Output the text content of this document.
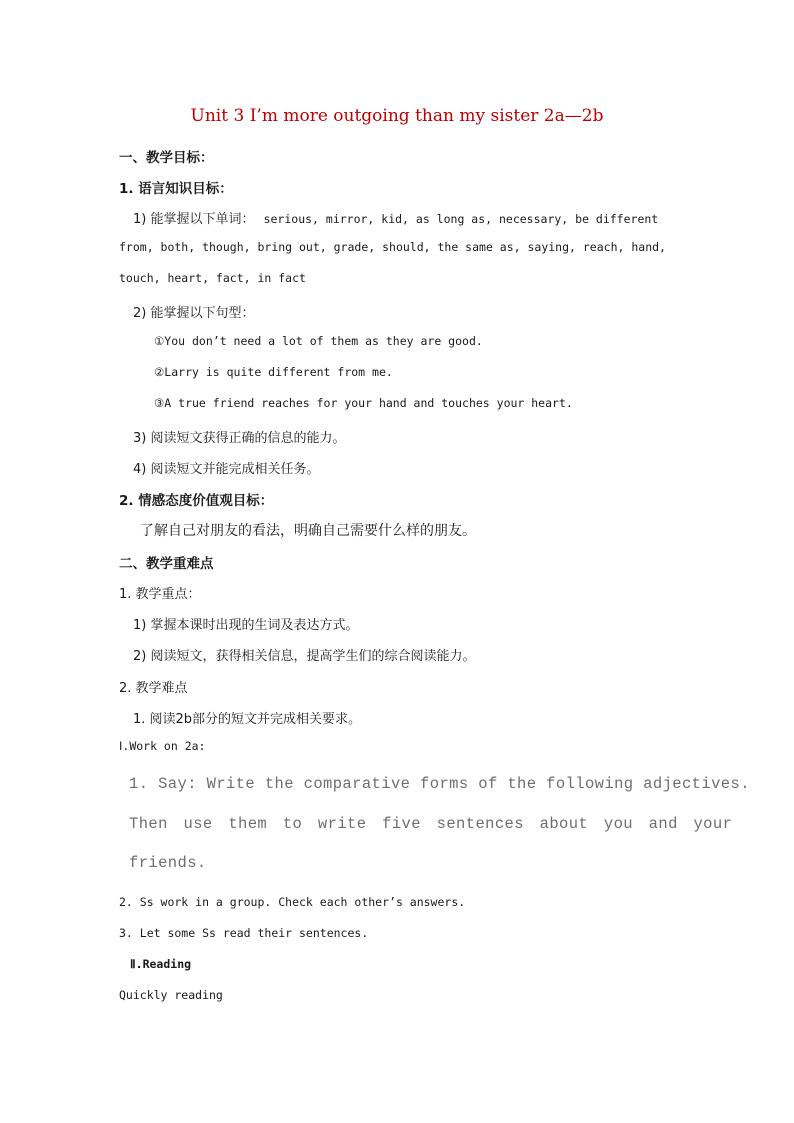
Unit 3 I’m more outgoing than my sister 2a—2b
一、教学目标：
1. 语言知识目标：
1) 能掌握以下单词： serious, mirror, kid, as long as, necessary, be different
from, both, though, bring out, grade, should, the same as, saying, reach, hand,
touch, heart, fact, in fact
2) 能掌握以下句型：
①You don’t need a lot of them as they are good.
②Larry is quite different from me.
③A true friend reaches for your hand and touches your heart.
3) 阅读短文获得正确的信息的能力。
4) 阅读短文并能完成相关任务。
2. 情感态度价值观目标：
了解自己对朋友的看法，明确自己需要什么样的朋友。
二、教学重难点
1. 教学重点：
1) 掌握本课时出现的生词及表达方式。
2) 阅读短文，获得相关信息，提高学生们的综合阅读能力。
2. 教学难点
1. 阅读2b部分的短文并完成相关要求。
Ⅰ.Work on 2a:
1. Say: Write the comparative forms of the following adjectives.
Then use them to write five sentences about you and your
friends.
2. Ss work in a group. Check each other’s answers.
3. Let some Ss read their sentences.
Ⅱ.Reading
Quickly reading
